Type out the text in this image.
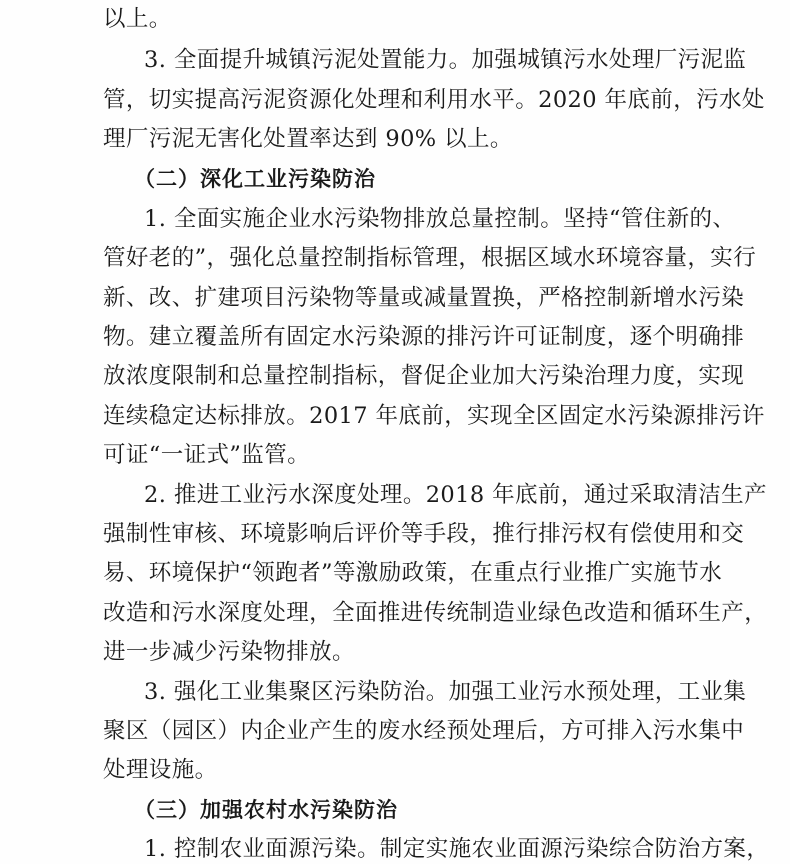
以上。
3. 全面提升城镇污泥处置能力。加强城镇污水处理厂污泥监
管，切实提高污泥资源化处理和利用水平。2020 年底前，污水处
理厂污泥无害化处置率达到 90% 以上。
（二）深化工业污染防治
1. 全面实施企业水污染物排放总量控制。坚持“管住新的、
管好老的”，强化总量控制指标管理，根据区域水环境容量，实行
新、改、扩建项目污染物等量或减量置换，严格控制新增水污染
物。建立覆盖所有固定水污染源的排污许可证制度，逐个明确排
放浓度限制和总量控制指标，督促企业加大污染治理力度，实现
连续稳定达标排放。2017 年底前，实现全区固定水污染源排污许
可证“一证式”监管。
2. 推进工业污水深度处理。2018 年底前，通过采取清洁生产
强制性审核、环境影响后评价等手段，推行排污权有偿使用和交
易、环境保护“领跑者”等激励政策，在重点行业推广实施节水
改造和污水深度处理，全面推进传统制造业绿色改造和循环生产，
进一步减少污染物排放。
3. 强化工业集聚区污染防治。加强工业污水预处理，工业集
聚区（园区）内企业产生的废水经预处理后，方可排入污水集中
处理设施。
（三）加强农村水污染防治
1. 控制农业面源污染。制定实施农业面源污染综合防治方案，
